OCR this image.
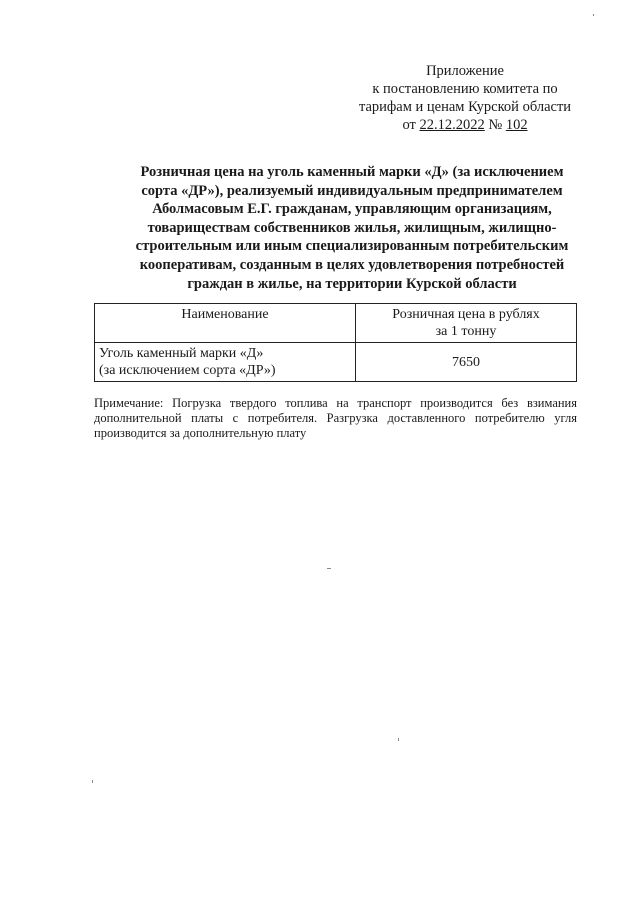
Приложение
к постановлению комитета по
тарифам и ценам Курской области
от 22.12.2022 № 102
Розничная цена на уголь каменный марки «Д» (за исключением
сорта «ДР»), реализуемый индивидуальным предпринимателем
Аболмасовым Е.Г. гражданам, управляющим организациям,
товариществам собственников жилья, жилищным, жилищно-
строительным или иным специализированным потребительским
кооперативам, созданным в целях удовлетворения потребностей
граждан в жилье, на территории Курской области
Наименование	Розничная цена в рублях
за 1 тонну

Уголь каменный марки «Д»
(за исключением сорта «ДР»)	7650
Примечание: Погрузка твердого топлива на транспорт производится без взимания дополнительной платы с потребителя. Разгрузка доставленного потребителю угля производится за дополнительную плату
